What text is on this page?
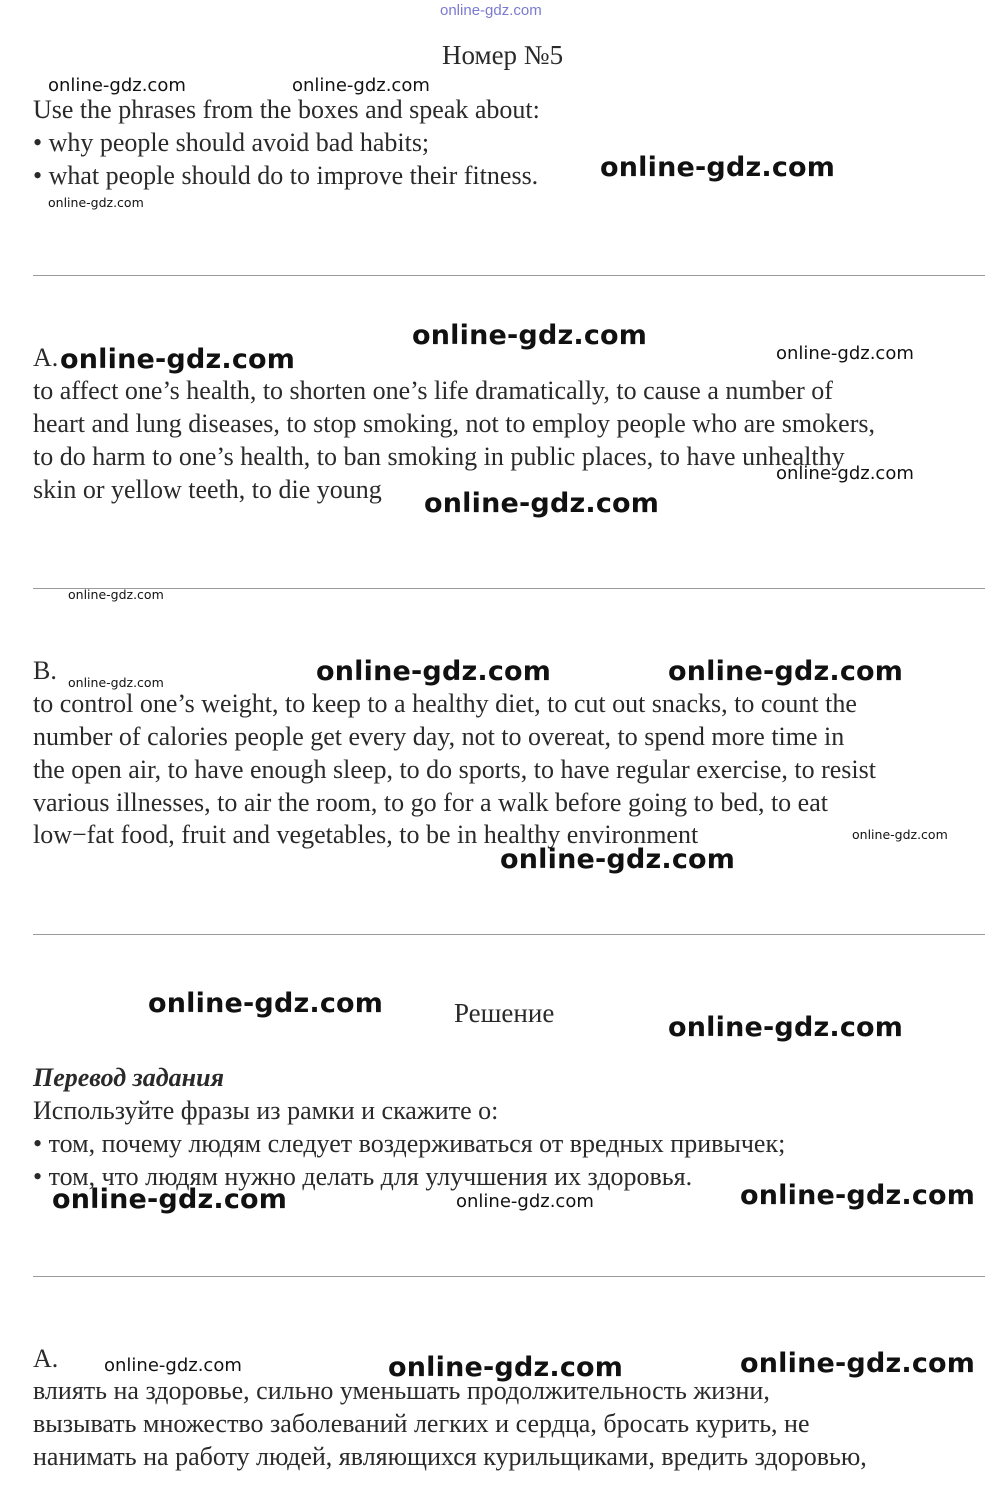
online-gdz.com
Номер №5
Use the phrases from the boxes and speak about:
• why people should avoid bad habits;
• what people should do to improve their fitness.
A.
to affect one’s health, to shorten one’s life dramatically, to cause a number of
heart and lung diseases, to stop smoking, not to employ people who are smokers,
to do harm to one’s health, to ban smoking in public places, to have unhealthy
skin or yellow teeth, to die young
B.
to control one’s weight, to keep to a healthy diet, to cut out snacks, to count the
number of calories people get every day, not to overeat, to spend more time in
the open air, to have enough sleep, to do sports, to have regular exercise, to resist
various illnesses, to air the room, to go for a walk before going to bed, to eat
low−fat food, fruit and vegetables, to be in healthy environment
Решение
Перевод задания
Используйте фразы из рамки и скажите о:
• том, почему людям следует воздерживаться от вредных привычек;
• том, что людям нужно делать для улучшения их здоровья.
A.
влиять на здоровье, сильно уменьшать продолжительность жизни,
вызывать множество заболеваний легких и сердца, бросать курить, не
нанимать на работу людей, являющихся курильщиками, вредить здоровью,
online-gdz.com	online-gdz.com
online-gdz.com
online-gdz.com
online-gdz.com
online-gdz.com	online-gdz.com
online-gdz.com
online-gdz.com
online-gdz.com
online-gdz.com	online-gdz.com
online-gdz.com
online-gdz.com
online-gdz.com
online-gdz.com
online-gdz.com
online-gdz.com	online-gdz.com	online-gdz.com
online-gdz.com	online-gdz.com	online-gdz.com
